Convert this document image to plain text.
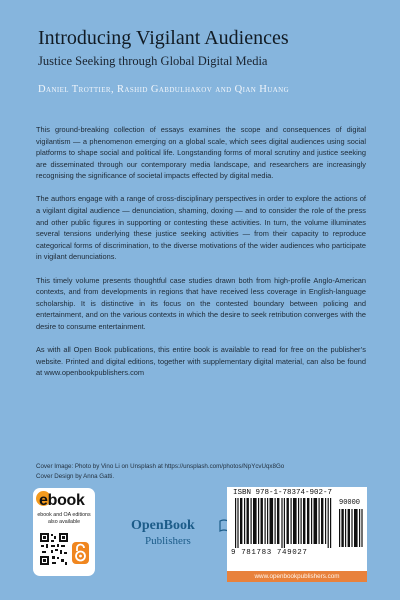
Introducing Vigilant Audiences
Justice Seeking through Global Digital Media
Daniel Trottier, Rashid Gabdulhakov and Qian Huang

This ground-breaking collection of essays examines the scope and consequences of digital vigilantism — a phenomenon emerging on a global scale, which sees digital audiences using social platforms to shape social and political life. Longstanding forms of moral scrutiny and justice seeking are disseminated through our contemporary media landscape, and researchers are increasingly recognising the significance of societal impacts effected by digital media.

The authors engage with a range of cross-disciplinary perspectives in order to explore the actions of a vigilant digital audience — denunciation, shaming, doxing — and to consider the role of the press and other public figures in supporting or contesting these activities. In turn, the volume illuminates several tensions underlying these justice seeking activities — from their capacity to reproduce categorical forms of discrimination, to the diverse motivations of the wider audiences who participate in vigilant denunciations.

This timely volume presents thoughtful case studies drawn both from high-profile Anglo-American contexts, and from developments in regions that have received less coverage in English-language scholarship. It is distinctive in its focus on the contested boundary between policing and entertainment, and on the various contexts in which the desire to seek retribution converges with the desire to consume entertainment.

As with all Open Book publications, this entire book is available to read for free on the publisher’s website. Printed and digital editions, together with supplementary digital material, can also be found at www.openbookpublishers.com

Cover Image: Photo by Vino Li on Unsplash at https://unsplash.com/photos/NpYcvUqx8Go
Cover Design by Anna Gatti.
ebook
ebook and OA editions
also available	OpenBook
Publishers
ISBN 978-1-78374-902-7
90000
9 781783 749027
www.openbookpublishers.com
